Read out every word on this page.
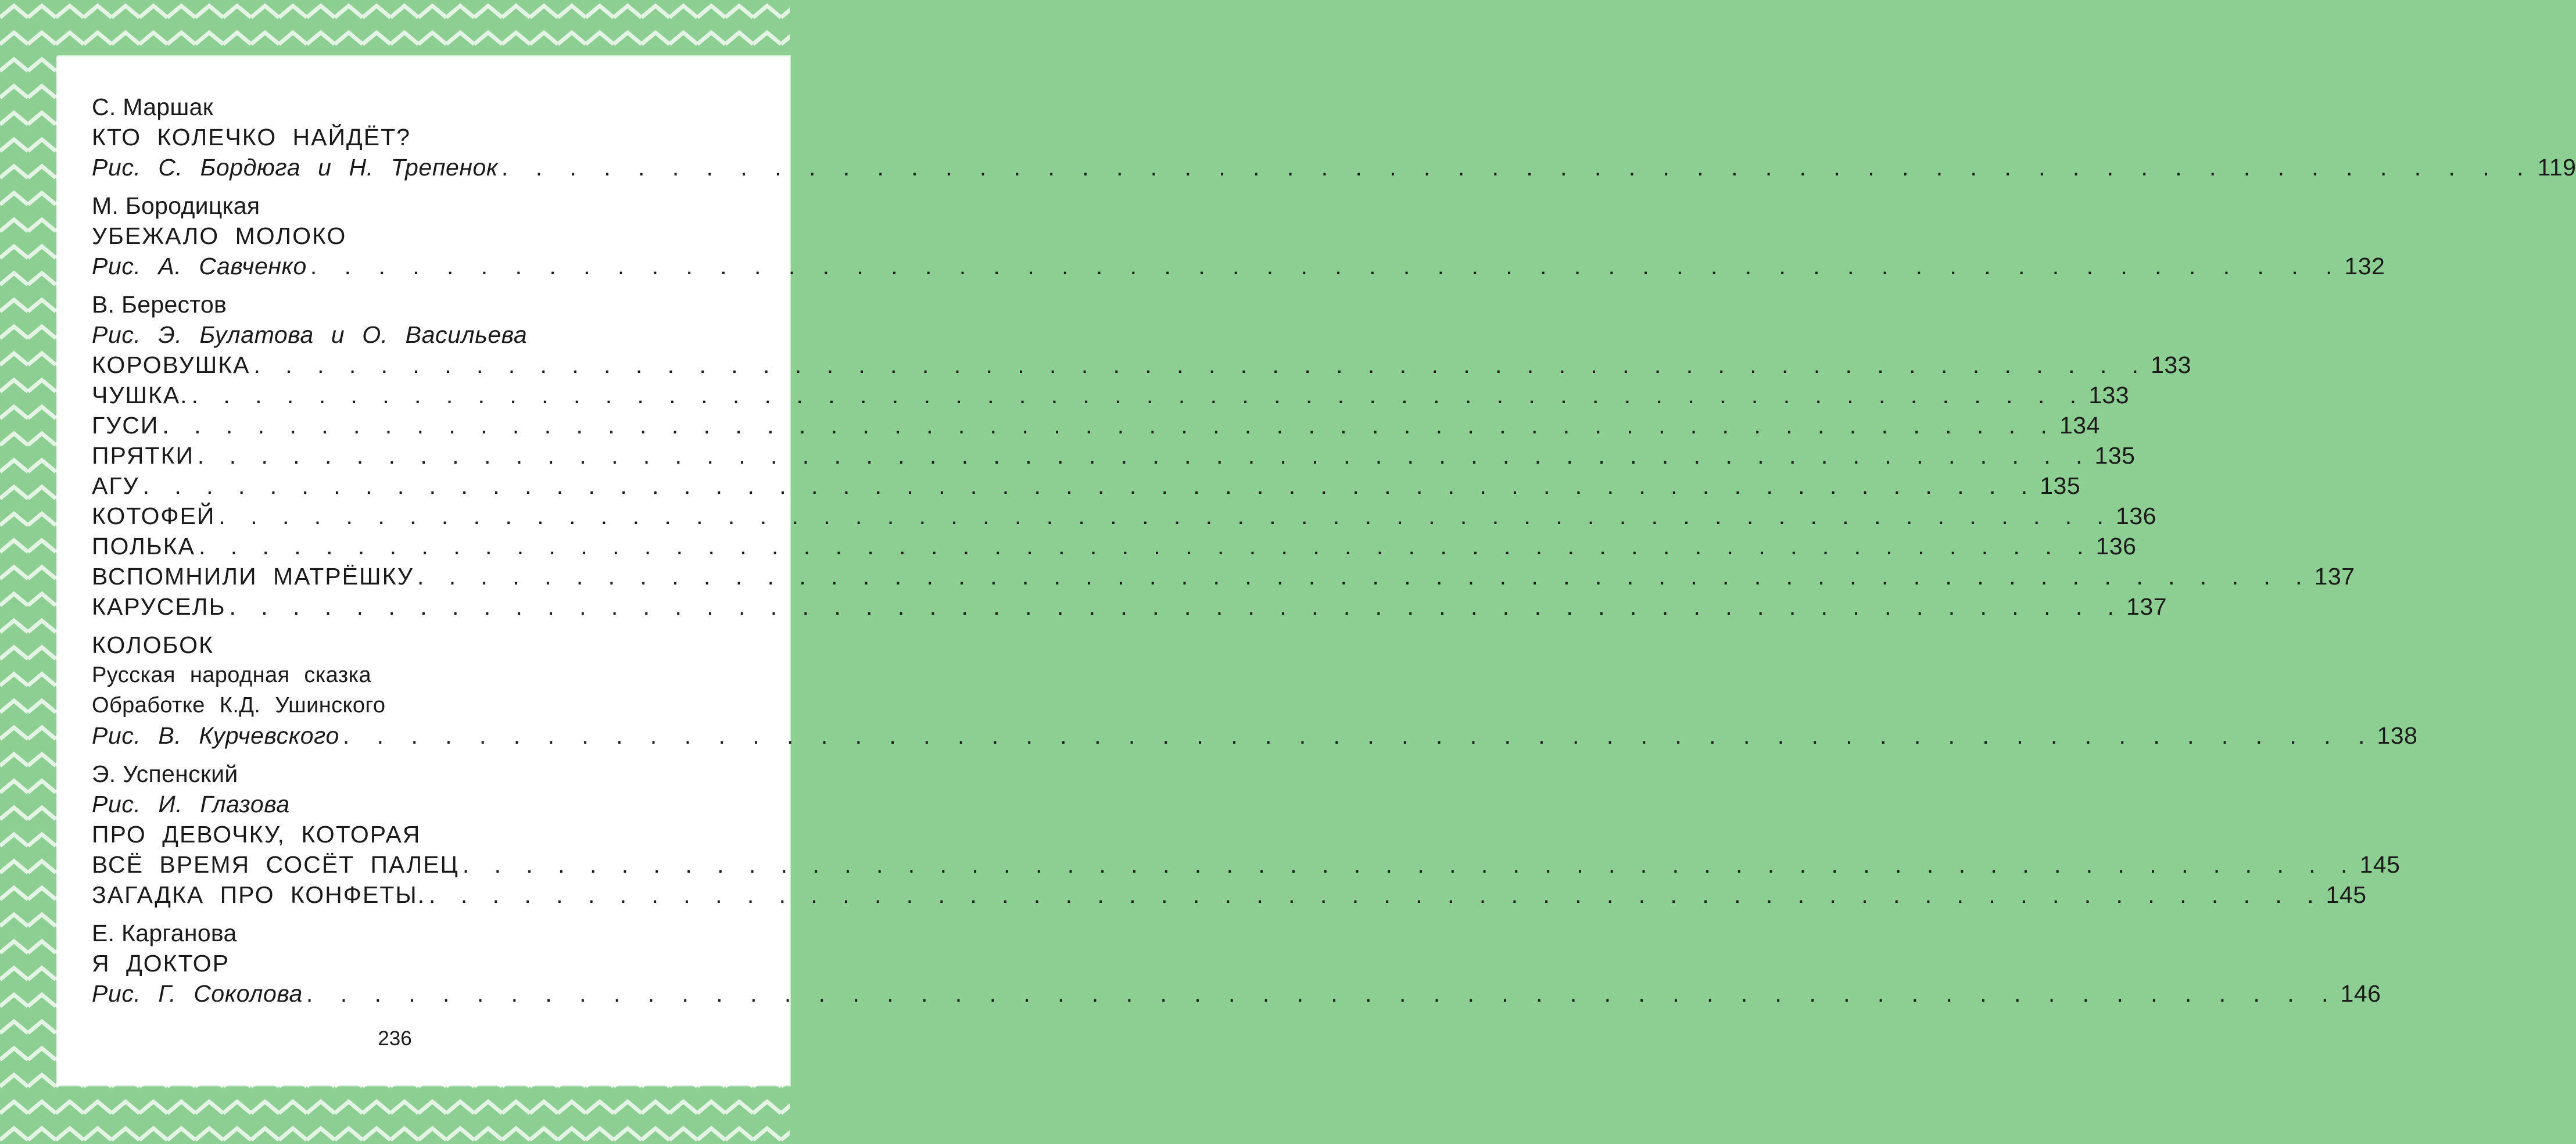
С. Маршак
КТО КОЛЕЧКО НАЙДЁТ?
Рис. С. Бордюга и Н. Трепенок . . . . . . . . . . . . . . . . . . . . . . . . . . . . . . . . . . . . . . . . . . . . . . . . . . . . . . . . . . . . 119
М. Бородицкая
УБЕЖАЛО МОЛОКО
Рис. А. Савченко . . . . . . . . . . . . . . . . . . . . . . . . . . . . . . . . . . . . . . . . . . . . . . . . . . . . . . . . . . . . 132
В. Берестов
Рис. Э. Булатова и О. Васильева
КОРОВУШКА . . . . . . . . . . . . . . . . . . . . . . . . . . . . . . . . . . . . . . . . . . . . . . . . . . . . . . . . . . . . 133
ЧУШКА. . . . . . . . . . . . . . . . . . . . . . . . . . . . . . . . . . . . . . . . . . . . . . . . . . . . . . . . . . . . . 133
ГУСИ . . . . . . . . . . . . . . . . . . . . . . . . . . . . . . . . . . . . . . . . . . . . . . . . . . . . . . . . . . . . 134
ПРЯТКИ . . . . . . . . . . . . . . . . . . . . . . . . . . . . . . . . . . . . . . . . . . . . . . . . . . . . . . . . . . . . 135
АГУ . . . . . . . . . . . . . . . . . . . . . . . . . . . . . . . . . . . . . . . . . . . . . . . . . . . . . . . . . . . . 135
КОТОФЕЙ . . . . . . . . . . . . . . . . . . . . . . . . . . . . . . . . . . . . . . . . . . . . . . . . . . . . . . . . . . . . 136
ПОЛЬКА . . . . . . . . . . . . . . . . . . . . . . . . . . . . . . . . . . . . . . . . . . . . . . . . . . . . . . . . . . . . 136
ВСПОМНИЛИ МАТРЁШКУ . . . . . . . . . . . . . . . . . . . . . . . . . . . . . . . . . . . . . . . . . . . . . . . . . . . . . . . . . . . . 137
КАРУСЕЛЬ . . . . . . . . . . . . . . . . . . . . . . . . . . . . . . . . . . . . . . . . . . . . . . . . . . . . . . . . . . . . 137
КОЛОБОК
Русская народная сказка
Обработке К.Д. Ушинского
Рис. В. Курчевского . . . . . . . . . . . . . . . . . . . . . . . . . . . . . . . . . . . . . . . . . . . . . . . . . . . . . . . . . . . . 138
Э. Успенский
Рис. И. Глазова
ПРО ДЕВОЧКУ, КОТОРАЯ
ВСЁ ВРЕМЯ СОСЁТ ПАЛЕЦ . . . . . . . . . . . . . . . . . . . . . . . . . . . . . . . . . . . . . . . . . . . . . . . . . . . . . . . . . . . . 145
ЗАГАДКА ПРО КОНФЕТЫ. . . . . . . . . . . . . . . . . . . . . . . . . . . . . . . . . . . . . . . . . . . . . . . . . . . . . . . . . . . . . 145
Е. Карганова
Я ДОКТОР
Рис. Г. Соколова . . . . . . . . . . . . . . . . . . . . . . . . . . . . . . . . . . . . . . . . . . . . . . . . . . . . . . . . . . . . 146
236
